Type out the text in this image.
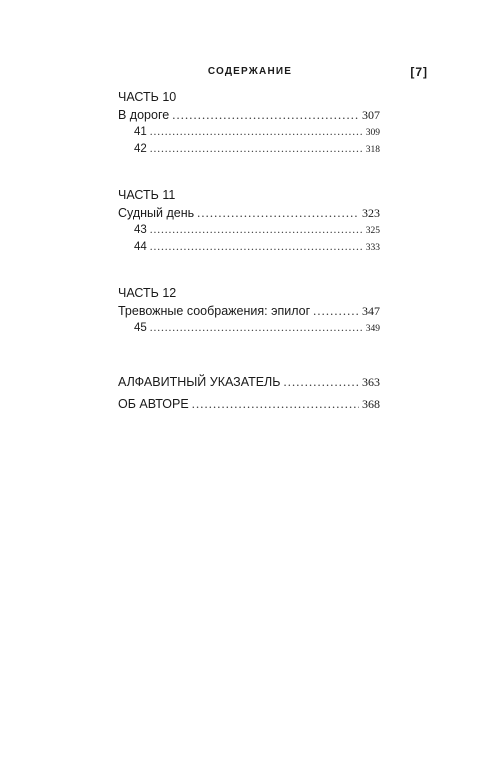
СОДЕРЖАНИЕ	[7]
ЧАСТЬ 10
В дороге . . .	307
41 . . .	309
42 . . .	318
ЧАСТЬ 11
Судный день . . .	323
43 . . .	325
44 . . .	333
ЧАСТЬ 12
Тревожные соображения: эпилог . . .	347
45 . . .	349
АЛФАВИТНЫЙ УКАЗАТЕЛЬ . . .	363
ОБ АВТОРЕ . . .	368
